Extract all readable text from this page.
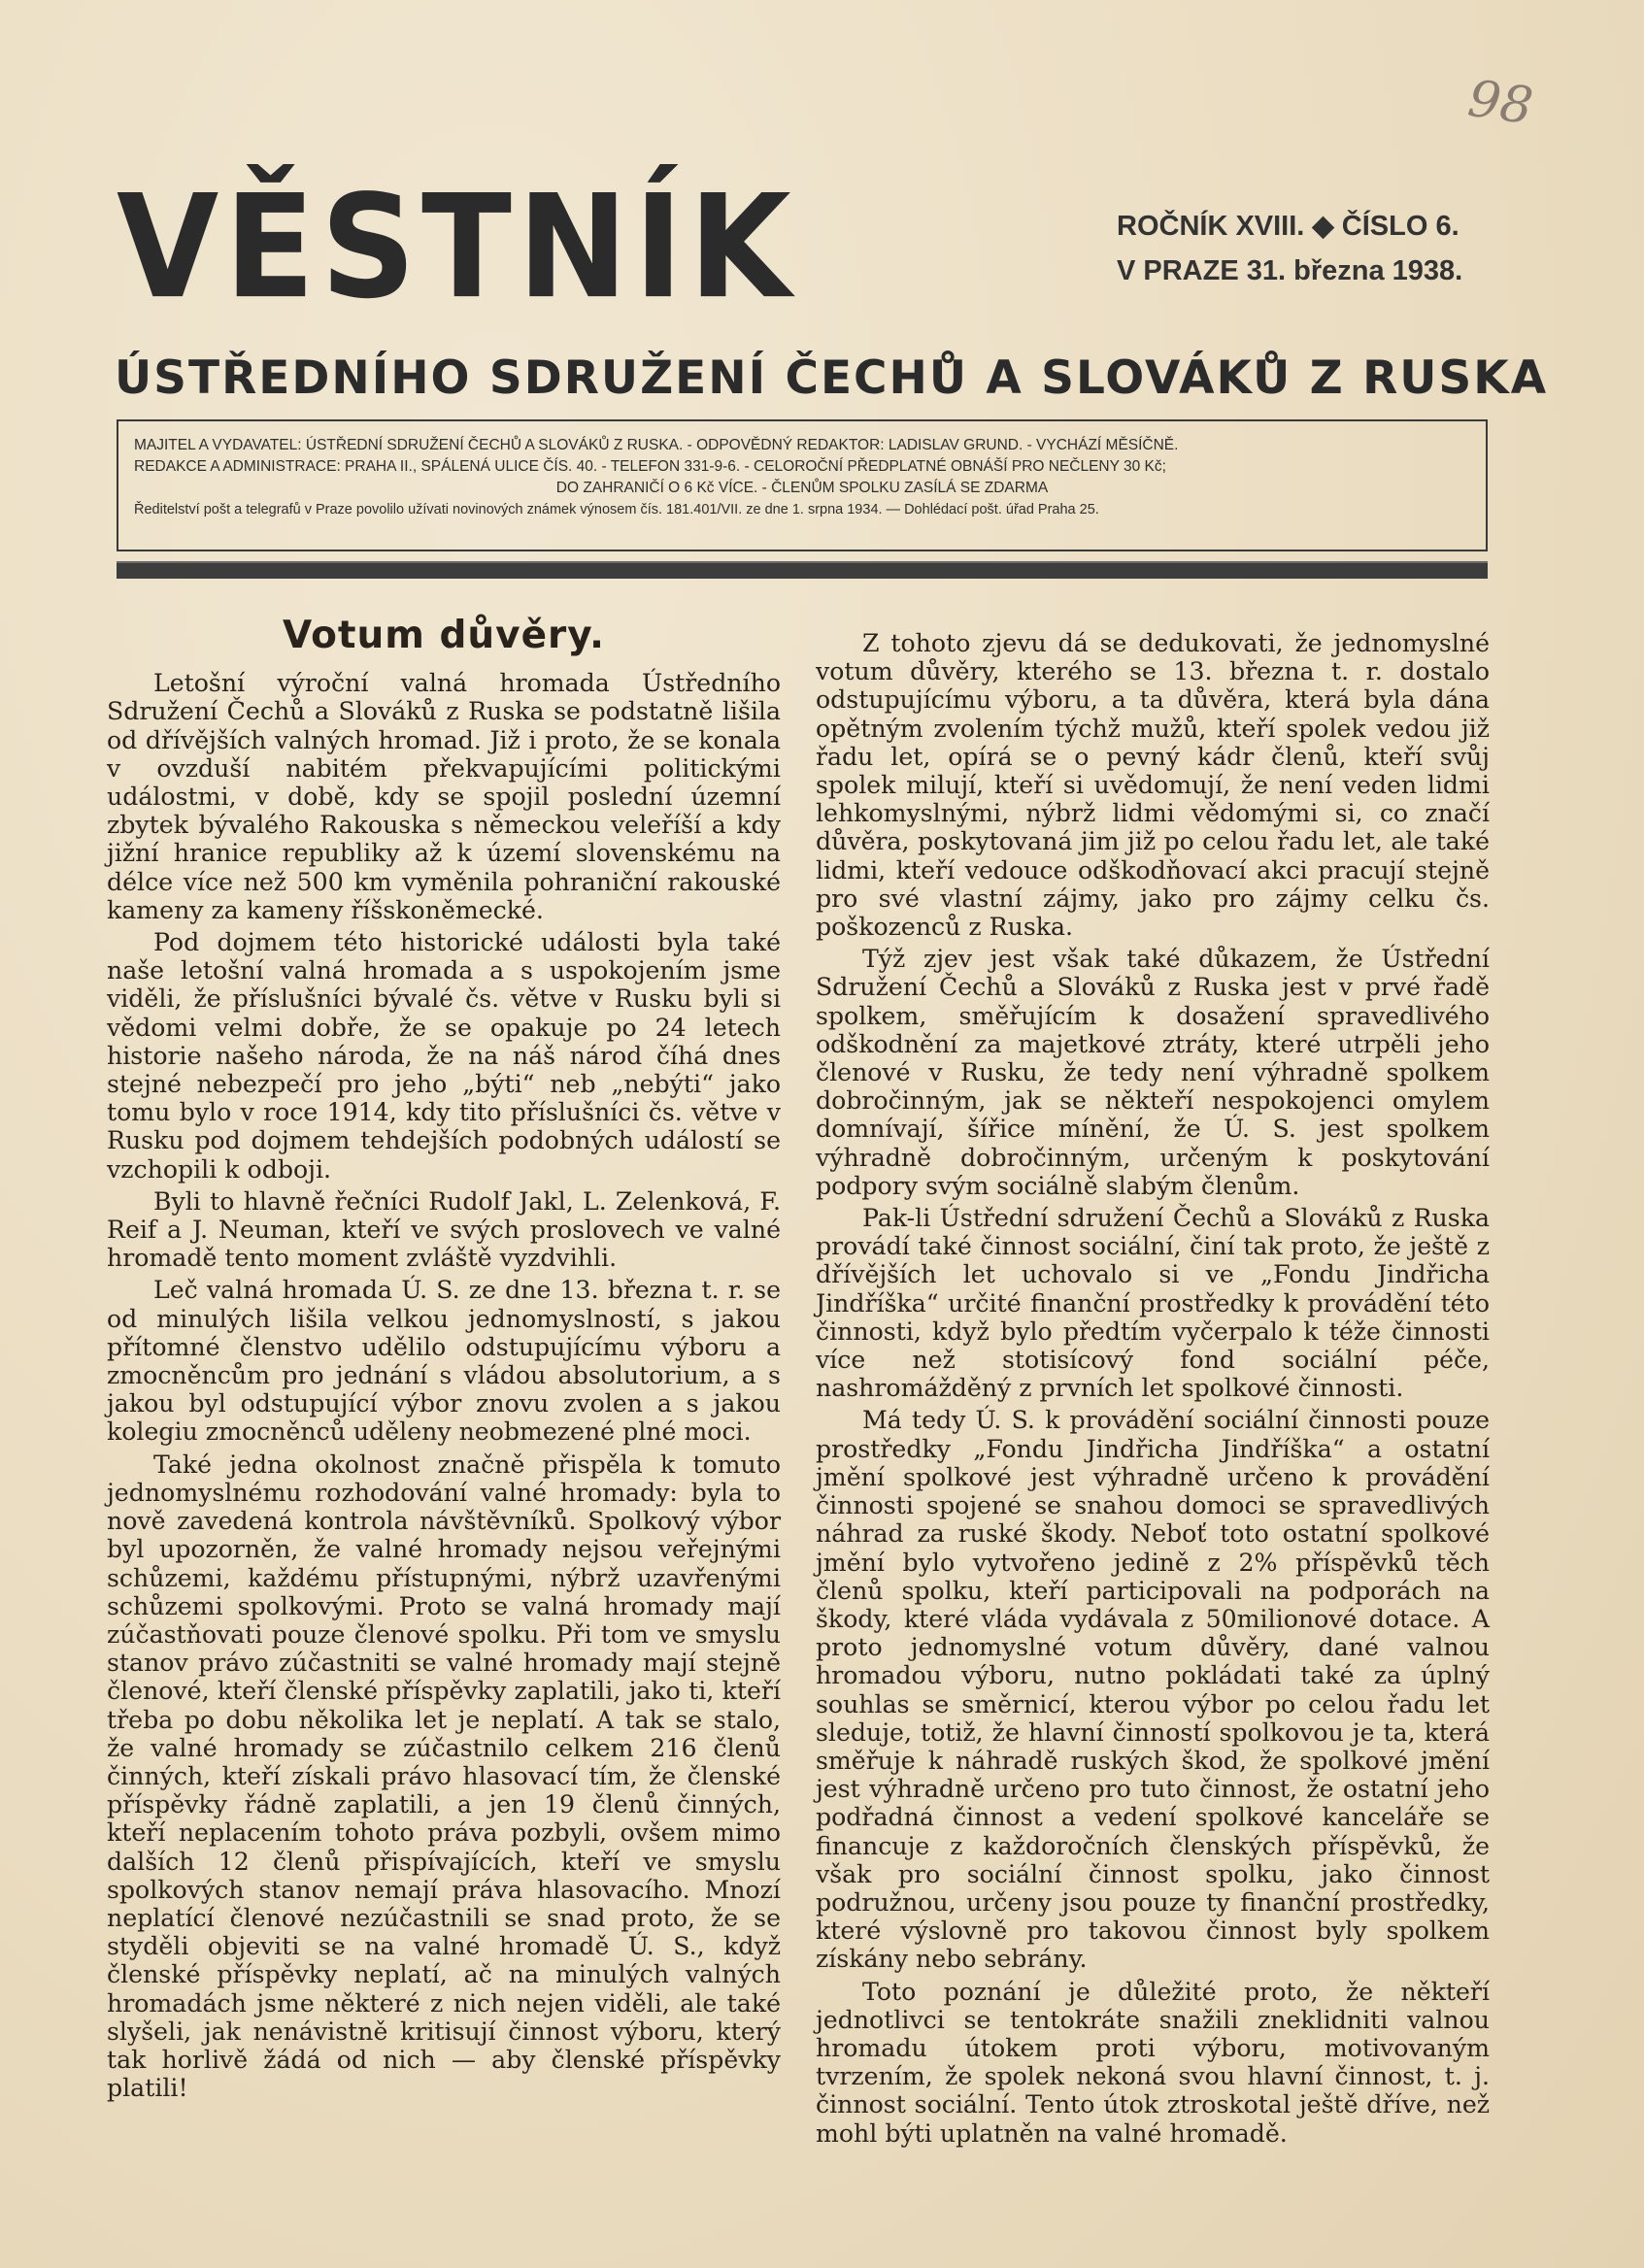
98
VĚSTNÍK	ROČNÍK XVIII. ◆ ČÍSLO 6.
V PRAZE 31. března 1938.
ÚSTŘEDNÍHO SDRUŽENÍ ČECHŮ A SLOVÁKŮ Z RUSKA
MAJITEL A VYDAVATEL: ÚSTŘEDNÍ SDRUŽENÍ ČECHŮ A SLOVÁKŮ Z RUSKA. - ODPOVĚDNÝ REDAKTOR: LADISLAV GRUND. - VYCHÁZÍ MĚSÍČNĚ.
REDAKCE A ADMINISTRACE: PRAHA II., SPÁLENÁ ULICE ČÍS. 40. - TELEFON 331-9-6. - CELOROČNÍ PŘEDPLATNÉ OBNÁŠÍ PRO NEČLENY 30 Kč;
DO ZAHRANIČÍ O 6 Kč VÍCE. - ČLENŮM SPOLKU ZASÍLÁ SE ZDARMA
Ředitelství pošt a telegrafů v Praze povolilo užívati novinových známek výnosem čís. 181.401/VII. ze dne 1. srpna 1934. — Dohlédací pošt. úřad Praha 25.
Votum důvěry.

Letošní výroční valná hromada Ústředního Sdružení Čechů a Slováků z Ruska se podstatně lišila od dřívějších valných hromad. Již i proto, že se konala v ovzduší nabitém překvapujícími politickými událostmi, v době, kdy se spojil poslední územní zbytek bývalého Rakouska s německou veleříší a kdy jižní hranice republiky až k území slovenskému na délce více než 500 km vyměnila pohraniční rakouské kameny za kameny říšskoněmecké.

Pod dojmem této historické události byla také naše letošní valná hromada a s uspokojením jsme viděli, že příslušníci bývalé čs. větve v Rusku byli si vědomi velmi dobře, že se opakuje po 24 letech historie našeho národa, že na náš národ číhá dnes stejné nebezpečí pro jeho „býti“ neb „nebýti“ jako tomu bylo v roce 1914, kdy tito příslušníci čs. větve v Rusku pod dojmem tehdejších podobných událostí se vzchopili k odboji.

Byli to hlavně řečníci Rudolf Jakl, L. Zelenková, F. Reif a J. Neuman, kteří ve svých proslovech ve valné hromadě tento moment zvláště vyzdvihli.

Leč valná hromada Ú. S. ze dne 13. března t. r. se od minulých lišila velkou jednomyslností, s jakou přítomné členstvo udělilo odstupujícímu výboru a zmocněncům pro jednání s vládou absolutorium, a s jakou byl odstupující výbor znovu zvolen a s jakou kolegiu zmocněnců uděleny neobmezené plné moci.

Také jedna okolnost značně přispěla k tomuto jednomyslnému rozhodování valné hromady: byla to nově zavedená kontrola návštěvníků. Spolkový výbor byl upozorněn, že valné hromady nejsou veřejnými schůzemi, každému přístupnými, nýbrž uzavřenými schůzemi spolkovými. Proto se valná hromady mají zúčastňovati pouze členové spolku. Při tom ve smyslu stanov právo zúčastniti se valné hromady mají stejně členové, kteří členské příspěvky zaplatili, jako ti, kteří třeba po dobu několika let je neplatí. A tak se stalo, že valné hromady se zúčastnilo celkem 216 členů činných, kteří získali právo hlasovací tím, že členské příspěvky řádně zaplatili, a jen 19 členů činných, kteří neplacením tohoto práva pozbyli, ovšem mimo dalších 12 členů přispívajících, kteří ve smyslu spolkových stanov nemají práva hlasovacího. Mnozí neplatící členové nezúčastnili se snad proto, že se styděli objeviti se na valné hromadě Ú. S., když členské příspěvky neplatí, ač na minulých valných hromadách jsme některé z nich nejen viděli, ale také slyšeli, jak nenávistně kritisují činnost výboru, který tak horlivě žádá od nich — aby členské příspěvky platili!

Z tohoto zjevu dá se dedukovati, že jednomyslné votum důvěry, kterého se 13. března t. r. dostalo odstupujícímu výboru, a ta důvěra, která byla dána opětným zvolením týchž mužů, kteří spolek vedou již řadu let, opírá se o pevný kádr členů, kteří svůj spolek milují, kteří si uvědomují, že není veden lidmi lehkomyslnými, nýbrž lidmi vědomými si, co značí důvěra, poskytovaná jim již po celou řadu let, ale také lidmi, kteří vedouce odškodňovací akci pracují stejně pro své vlastní zájmy, jako pro zájmy celku čs. poškozenců z Ruska.

Týž zjev jest však také důkazem, že Ústřední Sdružení Čechů a Slováků z Ruska jest v prvé řadě spolkem, směřujícím k dosažení spravedlivého odškodnění za majetkové ztráty, které utrpěli jeho členové v Rusku, že tedy není výhradně spolkem dobročinným, jak se někteří nespokojenci omylem domnívají, šířice mínění, že Ú. S. jest spolkem výhradně dobročinným, určeným k poskytování podpory svým sociálně slabým členům.

Pak-li Ústřední sdružení Čechů a Slováků z Ruska provádí také činnost sociální, činí tak proto, že ještě z dřívějších let uchovalo si ve „Fondu Jindřicha Jindříška“ určité finanční prostředky k provádění této činnosti, když bylo předtím vyčerpalo k téže činnosti více než stotisícový fond sociální péče, nashromážděný z prvních let spolkové činnosti.

Má tedy Ú. S. k provádění sociální činnosti pouze prostředky „Fondu Jindřicha Jindříška“ a ostatní jmění spolkové jest výhradně určeno k provádění činnosti spojené se snahou domoci se spravedlivých náhrad za ruské škody. Neboť toto ostatní spolkové jmění bylo vytvořeno jedině z 2% příspěvků těch členů spolku, kteří participovali na podporách na škody, které vláda vydávala z 50milionové dotace. A proto jednomyslné votum důvěry, dané valnou hromadou výboru, nutno pokládati také za úplný souhlas se směrnicí, kterou výbor po celou řadu let sleduje, totiž, že hlavní činností spolkovou je ta, která směřuje k náhradě ruských škod, že spolkové jmění jest výhradně určeno pro tuto činnost, že ostatní jeho podřadná činnost a vedení spolkové kanceláře se financuje z každoročních členských příspěvků, že však pro sociální činnost spolku, jako činnost podružnou, určeny jsou pouze ty finanční prostředky, které výslovně pro takovou činnost byly spolkem získány nebo sebrány.

Toto poznání je důležité proto, že někteří jednotlivci se tentokráte snažili zneklidniti valnou hromadu útokem proti výboru, motivovaným tvrzením, že spolek nekoná svou hlavní činnost, t. j. činnost sociální. Tento útok ztroskotal ještě dříve, než mohl býti uplatněn na valné hromadě.
